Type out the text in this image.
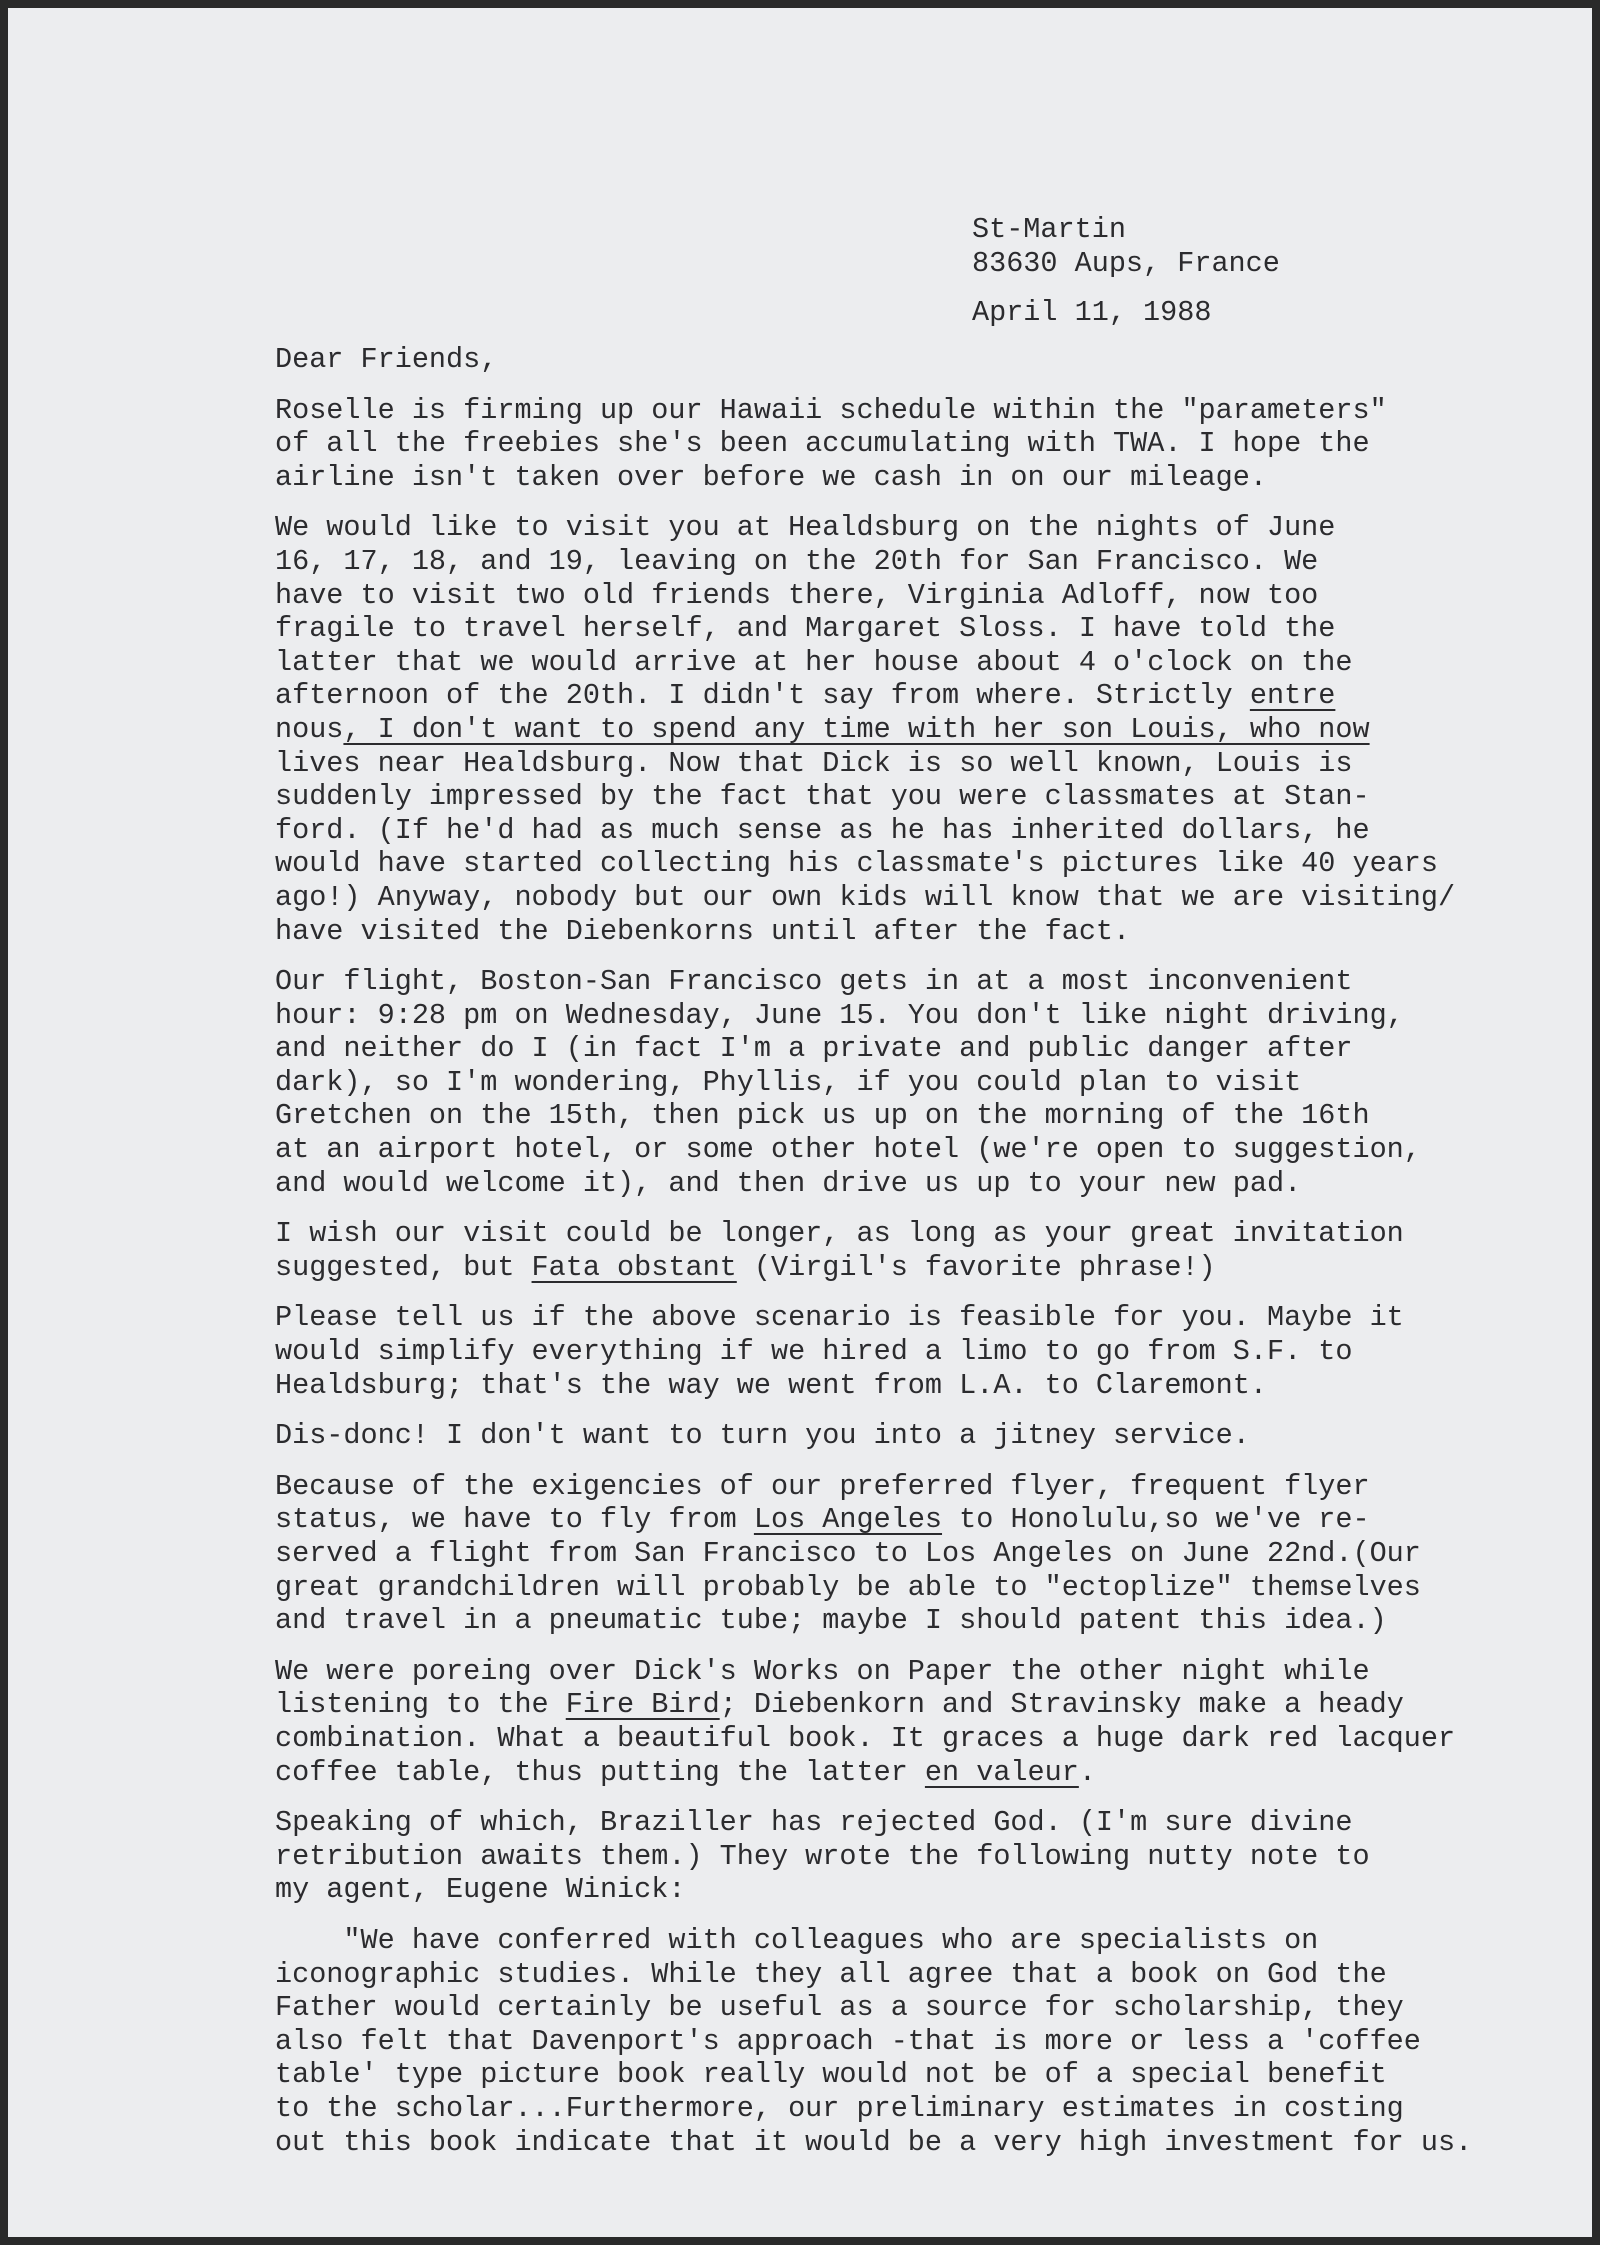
St-Martin
83630 Aups, France
April 11, 1988
Dear Friends,
Roselle is firming up our Hawaii schedule within the "parameters"
of all the freebies she's been accumulating with TWA. I hope the
airline isn't taken over before we cash in on our mileage.
We would like to visit you at Healdsburg on the nights of June
16, 17, 18, and 19, leaving on the 20th for San Francisco. We
have to visit two old friends there, Virginia Adloff, now too
fragile to travel herself, and Margaret Sloss. I have told the
latter that we would arrive at her house about 4 o'clock on the
afternoon of the 20th. I didn't say from where. Strictly entre
nous, I don't want to spend any time with her son Louis, who now
lives near Healdsburg. Now that Dick is so well known, Louis is
suddenly impressed by the fact that you were classmates at Stan-
ford. (If he'd had as much sense as he has inherited dollars, he
would have started collecting his classmate's pictures like 40 years
ago!) Anyway, nobody but our own kids will know that we are visiting/
have visited the Diebenkorns until after the fact.
Our flight, Boston-San Francisco gets in at a most inconvenient
hour: 9:28 pm on Wednesday, June 15. You don't like night driving,
and neither do I (in fact I'm a private and public danger after
dark), so I'm wondering, Phyllis, if you could plan to visit
Gretchen on the 15th, then pick us up on the morning of the 16th
at an airport hotel, or some other hotel (we're open to suggestion,
and would welcome it), and then drive us up to your new pad.
I wish our visit could be longer, as long as your great invitation
suggested, but Fata obstant (Virgil's favorite phrase!)
Please tell us if the above scenario is feasible for you. Maybe it
would simplify everything if we hired a limo to go from S.F. to
Healdsburg; that's the way we went from L.A. to Claremont.
Dis-donc! I don't want to turn you into a jitney service.
Because of the exigencies of our preferred flyer, frequent flyer
status, we have to fly from Los Angeles to Honolulu,so we've re-
served a flight from San Francisco to Los Angeles on June 22nd.(Our
great grandchildren will probably be able to "ectoplize" themselves
and travel in a pneumatic tube; maybe I should patent this idea.)
We were poreing over Dick's Works on Paper the other night while
listening to the Fire Bird; Diebenkorn and Stravinsky make a heady
combination. What a beautiful book. It graces a huge dark red lacquer
coffee table, thus putting the latter en valeur.
Speaking of which, Braziller has rejected God. (I'm sure divine
retribution awaits them.) They wrote the following nutty note to
my agent, Eugene Winick:
"We have conferred with colleagues who are specialists on
iconographic studies. While they all agree that a book on God the
Father would certainly be useful as a source for scholarship, they
also felt that Davenport's approach -that is more or less a 'coffee
table' type picture book really would not be of a special benefit
to the scholar...Furthermore, our preliminary estimates in costing
out this book indicate that it would be a very high investment for us.
